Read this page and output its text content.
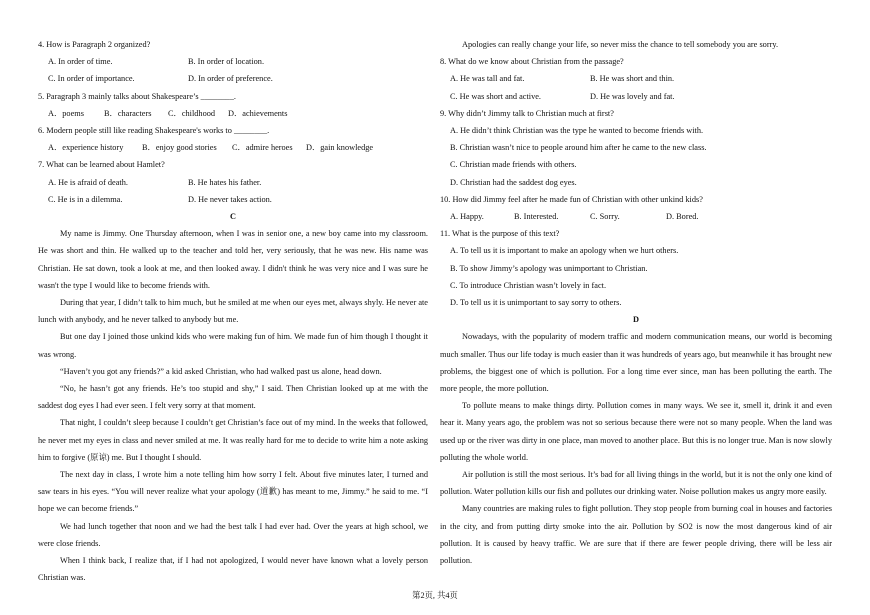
4. How is Paragraph 2 organized?
A. In order of time.	B. In order of location.
C. In order of importance.	D. In order of preference.
5. Paragraph 3 mainly talks about Shakespeare’s ________.
A．poems	B．characters	C．childhood	D．achievements
6. Modern people still like reading Shakespeare's works to ________.
A．experience history	B．enjoy good stories	C．admire heroes	D．gain knowledge
7. What can be learned about Hamlet?
A. He is afraid of death.	B. He hates his father.
C. He is in a dilemma.	D. He never takes action.
C
My name is Jimmy. One Thursday afternoon, when I was in senior one, a new boy came into my classroom. He was short and thin. He walked up to the teacher and told her, very seriously, that he was new. His name was Christian. He sat down, took a look at me, and then looked away. I didn't think he was very nice and I was sure he wasn't the type I would like to become friends with.
During that year, I didn’t talk to him much, but he smiled at me when our eyes met, always shyly. He never ate lunch with anybody, and he never talked to anybody but me.
But one day I joined those unkind kids who were making fun of him. We made fun of him though I thought it was wrong.
“Haven’t you got any friends?” a kid asked Christian, who had walked past us alone, head down.
“No, he hasn’t got any friends. He’s too stupid and shy,” I said. Then Christian looked up at me with the saddest dog eyes I had ever seen. I felt very sorry at that moment.
That night, I couldn’t sleep because I couldn’t get Christian’s face out of my mind. In the weeks that followed, he never met my eyes in class and never smiled at me. It was really hard for me to decide to write him a note asking him to forgive (原谅) me. But I thought I should.
The next day in class, I wrote him a note telling him how sorry I felt. About five minutes later, I turned and saw tears in his eyes. “You will never realize what your apology (道歉) has meant to me, Jimmy.” he said to me. “I hope we can become friends.”
We had lunch together that noon and we had the best talk I had ever had. Over the years at high school, we were close friends.
When I think back, I realize that, if I had not apologized, I would never have known what a lovely person Christian was.
Apologies can really change your life, so never miss the chance to tell somebody you are sorry.
8. What do we know about Christian from the passage?
A. He was tall and fat.	B. He was short and thin.
C. He was short and active.	D. He was lovely and fat.
9. Why didn’t Jimmy talk to Christian much at first?
A. He didn’t think Christian was the type he wanted to become friends with.
B. Christian wasn’t nice to people around him after he came to the new class.
C. Christian made friends with others.
D. Christian had the saddest dog eyes.
10. How did Jimmy feel after he made fun of Christian with other unkind kids?
A. Happy.	B. Interested.	C. Sorry.	D. Bored.
11. What is the purpose of this text?
A. To tell us it is important to make an apology when we hurt others.
B. To show Jimmy’s apology was unimportant to Christian.
C. To introduce Christian wasn’t lovely in fact.
D. To tell us it is unimportant to say sorry to others.
D
Nowadays, with the popularity of modern traffic and modern communication means, our world is becoming much smaller. Thus our life today is much easier than it was hundreds of years ago, but meanwhile it has brought new problems, the biggest one of which is pollution. For a long time ever since, man has been polluting the earth. The more people, the more pollution.
To pollute means to make things dirty. Pollution comes in many ways. We see it, smell it, drink it and even hear it. Many years ago, the problem was not so serious because there were not so many people. When the land was used up or the river was dirty in one place, man moved to another place. But this is no longer true. Man is now slowly polluting the whole world.
Air pollution is still the most serious. It’s bad for all living things in the world, but it is not the only one kind of pollution. Water pollution kills our fish and pollutes our drinking water. Noise pollution makes us angry more easily.
Many countries are making rules to fight pollution. They stop people from burning coal in houses and factories in the city, and from putting dirty smoke into the air. Pollution by SO2 is now the most dangerous kind of air pollution. It is caused by heavy traffic. We are sure that if there are fewer people driving, there will be less air pollution.
第2页, 共4页
